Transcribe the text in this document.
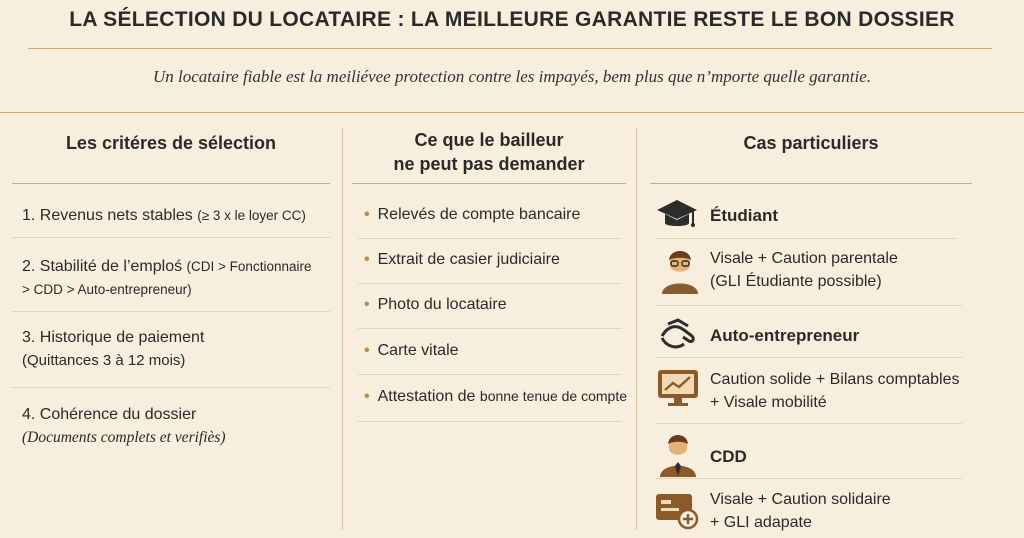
LA SÉLECTION DU LOCATAIRE : LA MEILLEURE GARANTIE RESTE LE BON DOSSIER
Un locataire fiable est la meiliévee protection contre les impayés, bem plus que n’mporte quelle garantie.
Les critéres de sélection
1. Revenus nets stables (≥ 3 x le loyer CC)
2. Stabilité de l’emploś (CDI > Fonctionnaire
> CDD > Auto-entrepreneur)
3. Historique de paiement
(Quittances 3 à 12 mois)
4. Cohérence du dossier
(Documents complets et verifiès)
Ce que le bailleur
ne peut pas demander
• Relevés de compte bancaire
• Extrait de casier judiciaire
• Photo du locataire
• Carte vitale
• Attestation de bonne tenue de compte
Cas particuliers
Étudiant
Visale + Caution parentale
(GLI Étudiante possible)
Auto-entrepreneur
Caution solide + Bilans comptables
+ Visale mobilité
CDD
Visale + Caution solidaire
+ GLI adapate
